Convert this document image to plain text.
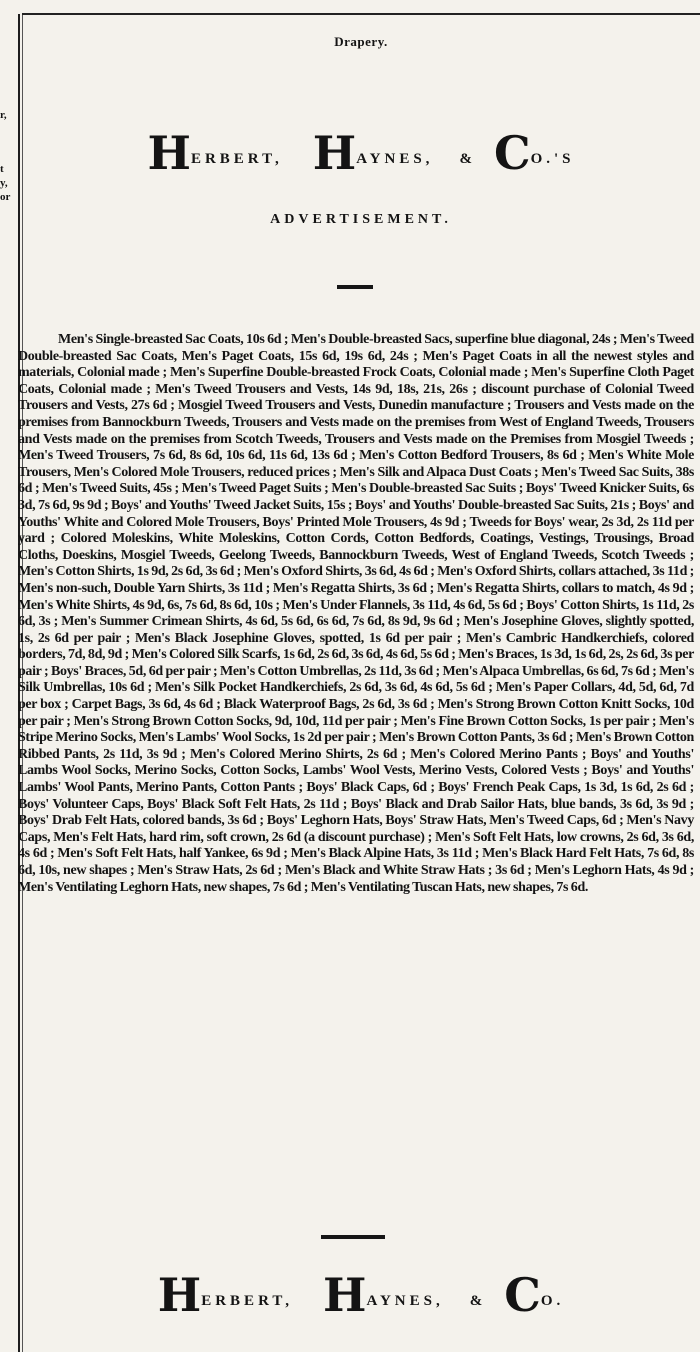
r,
t
y,
or
Drapery.
HERBERT, HAYNES, & CO.'S
ADVERTISEMENT.

Men's Single-breasted Sac Coats, 10s 6d ; Men's Double-breasted Sacs, superfine blue diagonal, 24s ; Men's Tweed Double-breasted Sac Coats, Men's Paget Coats, 15s 6d, 19s 6d, 24s ; Men's Paget Coats in all the newest styles and materials, Colonial made ; Men's Superfine Double-breasted Frock Coats, Colonial made ; Men's Superfine Cloth Paget Coats, Colonial made ; Men's Tweed Trousers and Vests, 14s 9d, 18s, 21s, 26s ; discount purchase of Colonial Tweed Trousers and Vests, 27s 6d ; Mosgiel Tweed Trousers and Vests, Dunedin manufacture ; Trousers and Vests made on the premises from Bannockburn Tweeds, Trousers and Vests made on the premises from West of England Tweeds, Trousers and Vests made on the premises from Scotch Tweeds, Trousers and Vests made on the Premises from Mosgiel Tweeds ; Men's Tweed Trousers, 7s 6d, 8s 6d, 10s 6d, 11s 6d, 13s 6d ; Men's Cotton Bedford Trousers, 8s 6d ; Men's White Mole Trousers, Men's Colored Mole Trousers, reduced prices ; Men's Silk and Alpaca Dust Coats ; Men's Tweed Sac Suits, 38s 6d ; Men's Tweed Suits, 45s ; Men's Tweed Paget Suits ; Men's Double-breasted Sac Suits ; Boys' Tweed Knicker Suits, 6s 3d, 7s 6d, 9s 9d ; Boys' and Youths' Tweed Jacket Suits, 15s ; Boys' and Youths' Double-breasted Sac Suits, 21s ; Boys' and Youths' White and Colored Mole Trousers, Boys' Printed Mole Trousers, 4s 9d ; Tweeds for Boys' wear, 2s 3d, 2s 11d per yard ; Colored Moleskins, White Moleskins, Cotton Cords, Cotton Bedfords, Coatings, Vestings, Trousings, Broad Cloths, Doeskins, Mosgiel Tweeds, Geelong Tweeds, Bannockburn Tweeds, West of England Tweeds, Scotch Tweeds ; Men's Cotton Shirts, 1s 9d, 2s 6d, 3s 6d ; Men's Oxford Shirts, 3s 6d, 4s 6d ; Men's Oxford Shirts, collars attached, 3s 11d ; Men's non-such, Double Yarn Shirts, 3s 11d ; Men's Regatta Shirts, 3s 6d ; Men's Regatta Shirts, collars to match, 4s 9d ; Men's White Shirts, 4s 9d, 6s, 7s 6d, 8s 6d, 10s ; Men's Under Flannels, 3s 11d, 4s 6d, 5s 6d ; Boys' Cotton Shirts, 1s 11d, 2s 6d, 3s ; Men's Summer Crimean Shirts, 4s 6d, 5s 6d, 6s 6d, 7s 6d, 8s 9d, 9s 6d ; Men's Josephine Gloves, slightly spotted, 1s, 2s 6d per pair ; Men's Black Josephine Gloves, spotted, 1s 6d per pair ; Men's Cambric Handkerchiefs, colored borders, 7d, 8d, 9d ; Men's Colored Silk Scarfs, 1s 6d, 2s 6d, 3s 6d, 4s 6d, 5s 6d ; Men's Braces, 1s 3d, 1s 6d, 2s, 2s 6d, 3s per pair ; Boys' Braces, 5d, 6d per pair ; Men's Cotton Umbrellas, 2s 11d, 3s 6d ; Men's Alpaca Umbrellas, 6s 6d, 7s 6d ; Men's Silk Umbrellas, 10s 6d ; Men's Silk Pocket Handkerchiefs, 2s 6d, 3s 6d, 4s 6d, 5s 6d ; Men's Paper Collars, 4d, 5d, 6d, 7d per box ; Carpet Bags, 3s 6d, 4s 6d ; Black Waterproof Bags, 2s 6d, 3s 6d ; Men's Strong Brown Cotton Knitt Socks, 10d per pair ; Men's Strong Brown Cotton Socks, 9d, 10d, 11d per pair ; Men's Fine Brown Cotton Socks, 1s per pair ; Men's Stripe Merino Socks, Men's Lambs' Wool Socks, 1s 2d per pair ; Men's Brown Cotton Pants, 3s 6d ; Men's Brown Cotton Ribbed Pants, 2s 11d, 3s 9d ; Men's Colored Merino Shirts, 2s 6d ; Men's Colored Merino Pants ; Boys' and Youths' Lambs Wool Socks, Merino Socks, Cotton Socks, Lambs' Wool Vests, Merino Vests, Colored Vests ; Boys' and Youths' Lambs' Wool Pants, Merino Pants, Cotton Pants ; Boys' Black Caps, 6d ; Boys' French Peak Caps, 1s 3d, 1s 6d, 2s 6d ; Boys' Volunteer Caps, Boys' Black Soft Felt Hats, 2s 11d ; Boys' Black and Drab Sailor Hats, blue bands, 3s 6d, 3s 9d ; Boys' Drab Felt Hats, colored bands, 3s 6d ; Boys' Leghorn Hats, Boys' Straw Hats, Men's Tweed Caps, 6d ; Men's Navy Caps, Men's Felt Hats, hard rim, soft crown, 2s 6d (a discount purchase) ; Men's Soft Felt Hats, low crowns, 2s 6d, 3s 6d, 4s 6d ; Men's Soft Felt Hats, half Yankee, 6s 9d ; Men's Black Alpine Hats, 3s 11d ; Men's Black Hard Felt Hats, 7s 6d, 8s 6d, 10s, new shapes ; Men's Straw Hats, 2s 6d ; Men's Black and White Straw Hats ; 3s 6d ; Men's Leghorn Hats, 4s 9d ; Men's Ventilating Leghorn Hats, new shapes, 7s 6d ; Men's Ventilating Tuscan Hats, new shapes, 7s 6d.

HERBERT, HAYNES, & CO.
